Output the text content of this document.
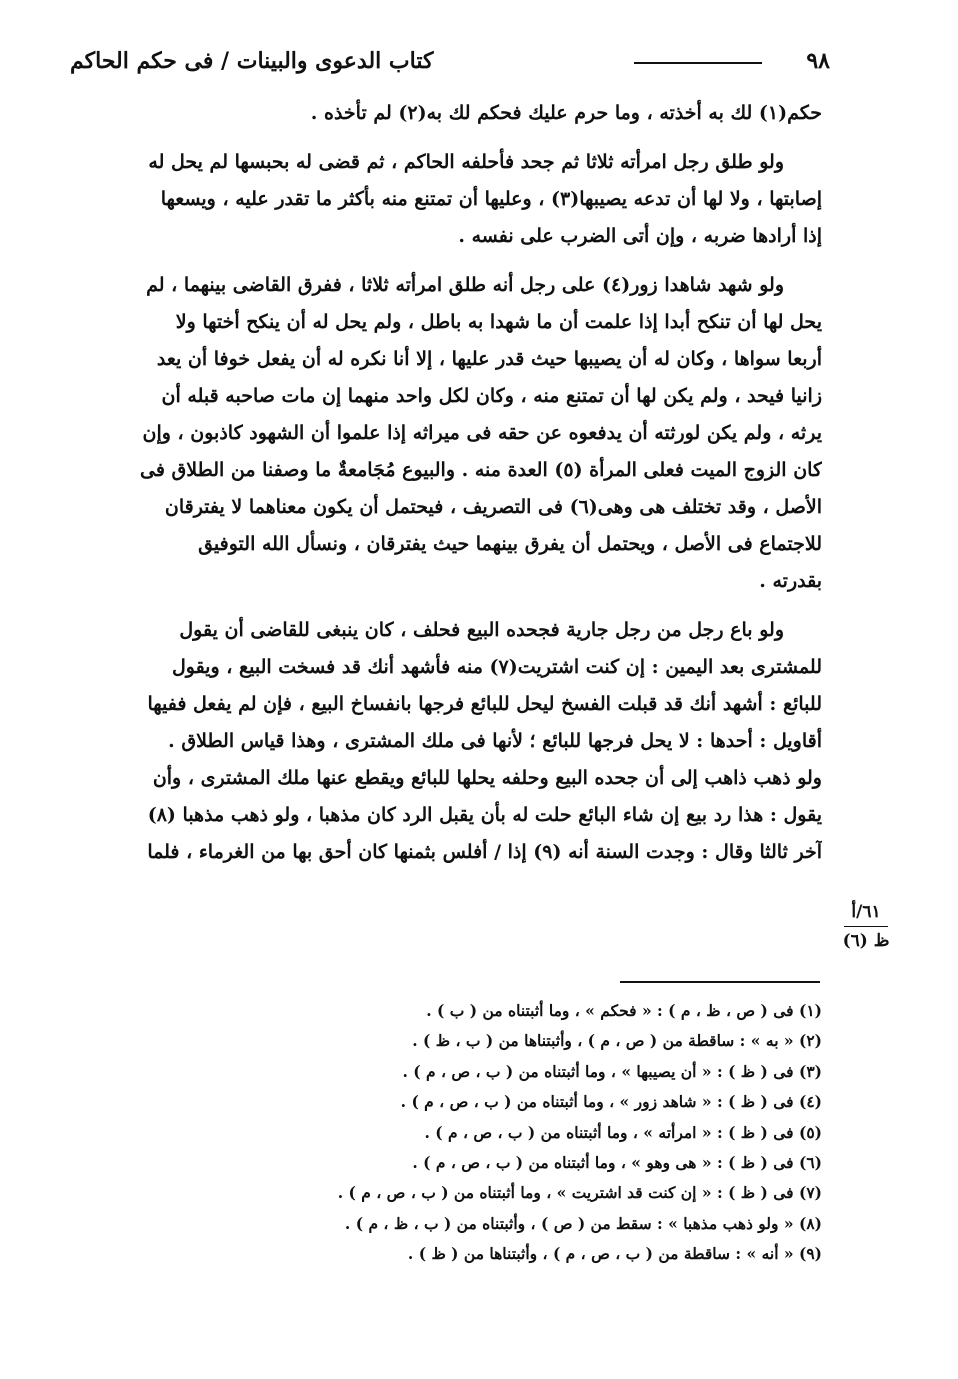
٩٨
كتاب الدعوى والبينات / فى حكم الحاكم
حكم(١) لك به أخذته ، وما حرم عليك فحكم لك به(٢) لم تأخذه .
ولو طلق رجل امرأته ثلاثا ثم جحد فأحلفه الحاكم ، ثم قضى له بحبسها لم يحل له
إصابتها ، ولا لها أن تدعه يصيبها(٣) ، وعليها أن تمتنع منه بأكثر ما تقدر عليه ، ويسعها
إذا أرادها ضربه ، وإن أتى الضرب على نفسه .
ولو شهد شاهدا زور(٤) على رجل أنه طلق امرأته ثلاثا ، ففرق القاضى بينهما ، لم
يحل لها أن تنكح أبدا إذا علمت أن ما شهدا به باطل ، ولم يحل له أن ينكح أختها ولا
أربعا سواها ، وكان له أن يصيبها حيث قدر عليها ، إلا أنا نكره له أن يفعل خوفا أن يعد
زانيا فيحد ، ولم يكن لها أن تمتنع منه ، وكان لكل واحد منهما إن مات صاحبه قبله أن
يرثه ، ولم يكن لورثته أن يدفعوه عن حقه فى ميراثه إذا علموا أن الشهود كاذبون ، وإن
كان الزوج الميت فعلى المرأة (٥) العدة منه . والبيوع مُجَامعةٌ ما وصفنا من الطلاق فى
الأصل ، وقد تختلف هى وهى(٦) فى التصريف ، فيحتمل أن يكون معناهما لا يفترقان
للاجتماع فى الأصل ، ويحتمل أن يفرق بينهما حيث يفترقان ، ونسأل الله التوفيق
بقدرته .
ولو باع رجل من رجل جارية فجحده البيع فحلف ، كان ينبغى للقاضى أن يقول
للمشترى بعد اليمين : إن كنت اشتريت(٧) منه فأشهد أنك قد فسخت البيع ، ويقول
للبائع : أشهد أنك قد قبلت الفسخ ليحل للبائع فرجها بانفساخ البيع ، فإن لم يفعل ففيها
أقاويل : أحدها : لا يحل فرجها للبائع ؛ لأنها فى ملك المشترى ، وهذا قياس الطلاق .
ولو ذهب ذاهب إلى أن جحده البيع وحلفه يحلها للبائع ويقطع عنها ملك المشترى ، وأن
يقول : هذا رد بيع إن شاء البائع حلت له بأن يقبل الرد كان مذهبا ، ولو ذهب مذهبا (٨)
آخر ثالثا وقال : وجدت السنة أنه (٩) إذا / أفلس بثمنها كان أحق بها من الغرماء ، فلما
٦١/أ
ظ (٦)
(١) فى ( ص ، ظ ، م ) : « فحكم » ، وما أثبتناه من ( ب ) .
(٢) « به » : ساقطة من ( ص ، م ) ، وأثبتناها من ( ب ، ظ ) .
(٣) فى ( ظ ) : « أن يصيبها » ، وما أثبتناه من ( ب ، ص ، م ) .
(٤) فى ( ظ ) : « شاهد زور » ، وما أثبتناه من ( ب ، ص ، م ) .
(٥) فى ( ظ ) : « امرأته » ، وما أثبتناه من ( ب ، ص ، م ) .
(٦) فى ( ظ ) : « هى وهو » ، وما أثبتناه من ( ب ، ص ، م ) .
(٧) فى ( ظ ) : « إن كنت قد اشتريت » ، وما أثبتناه من ( ب ، ص ، م ) .
(٨) « ولو ذهب مذهبا » : سقط من ( ص ) ، وأثبتناه من ( ب ، ظ ، م ) .
(٩) « أنه » : ساقطة من ( ب ، ص ، م ) ، وأثبتناها من ( ظ ) .
